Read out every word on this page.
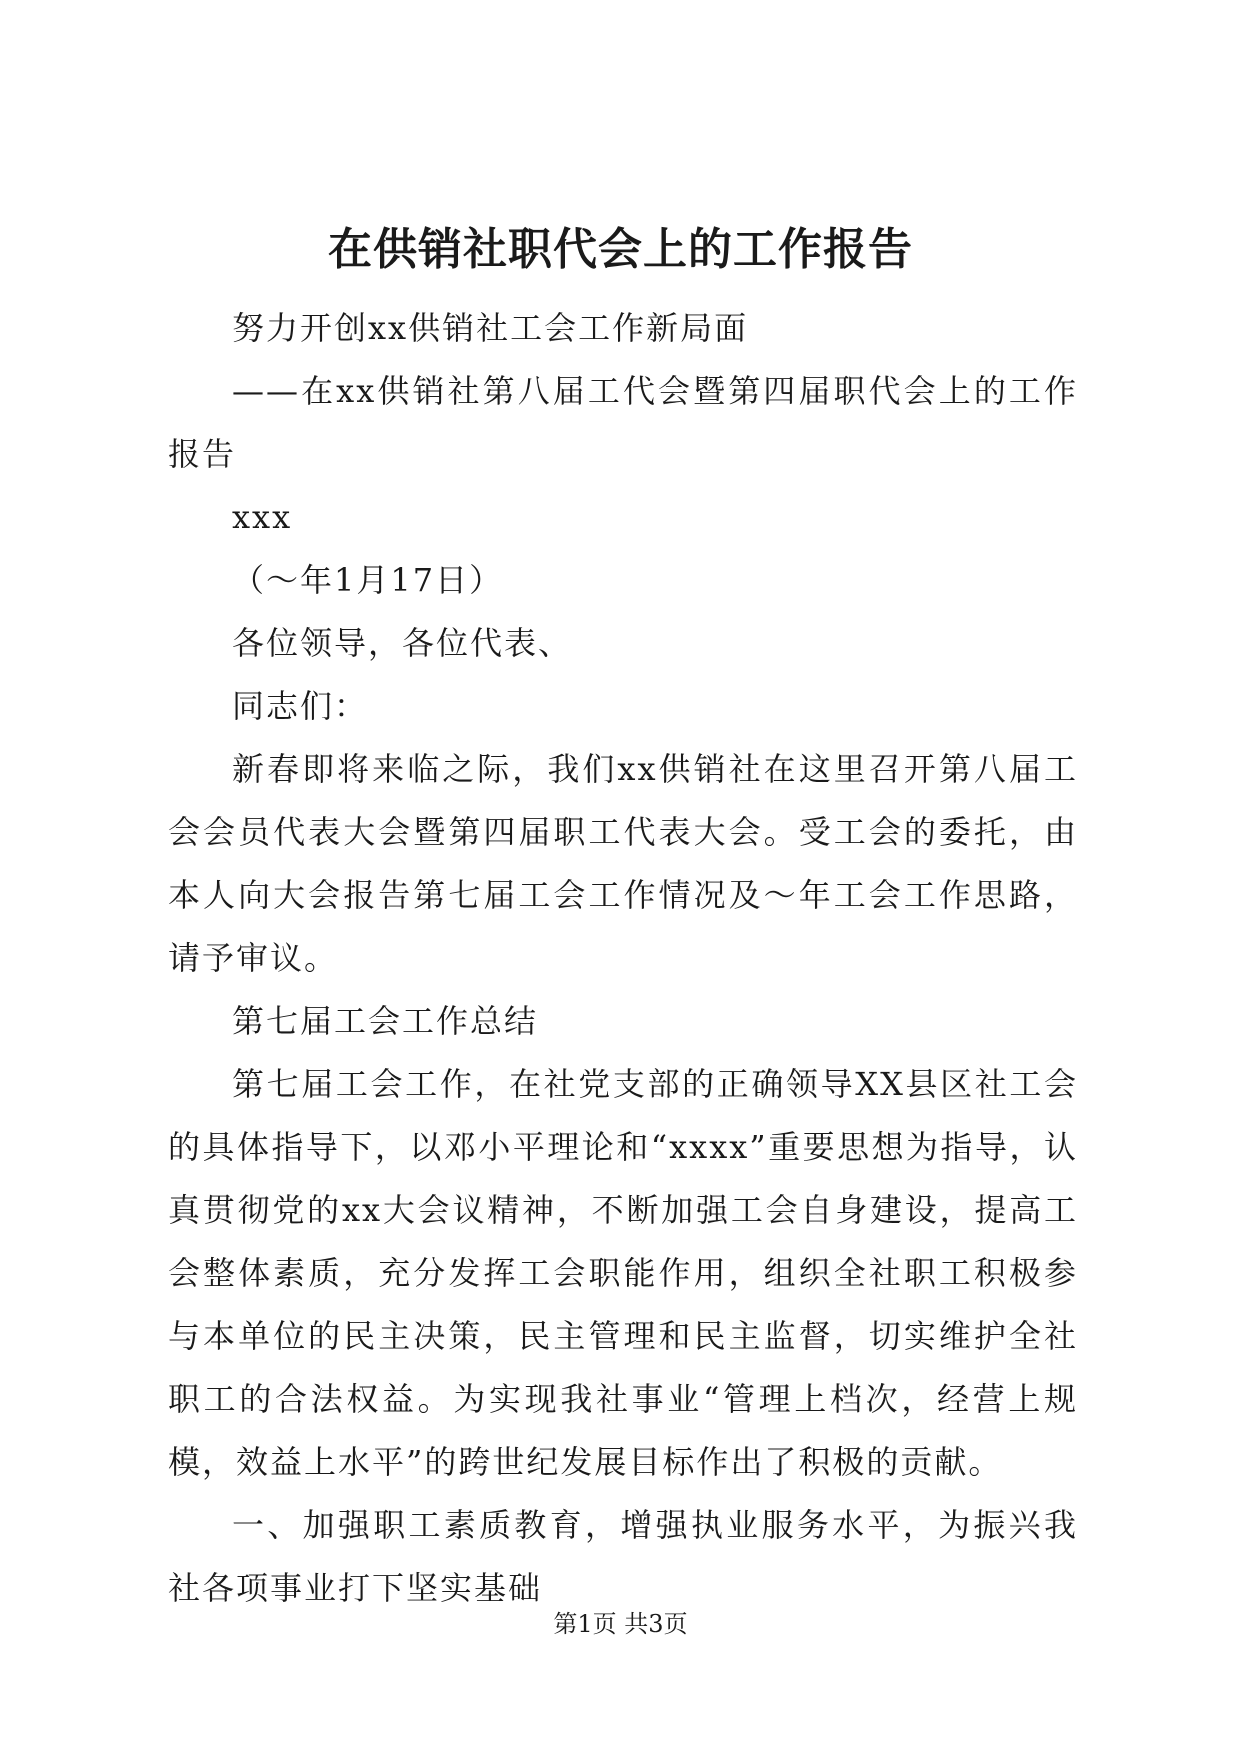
在供销社职代会上的工作报告

努力开创xx供销社工会工作新局面

——在xx供销社第八届工代会暨第四届职代会上的工作报告

xxx

（～年1月17日）

各位领导，各位代表、

同志们：

新春即将来临之际，我们xx供销社在这里召开第八届工会会员代表大会暨第四届职工代表大会。受工会的委托，由本人向大会报告第七届工会工作情况及～年工会工作思路，请予审议。

第七届工会工作总结

第七届工会工作，在社党支部的正确领导XX县区社工会的具体指导下，以邓小平理论和“xxxx”重要思想为指导，认真贯彻党的xx大会议精神，不断加强工会自身建设，提高工会整体素质，充分发挥工会职能作用，组织全社职工积极参与本单位的民主决策，民主管理和民主监督，切实维护全社职工的合法权益。为实现我社事业“管理上档次，经营上规模，效益上水平”的跨世纪发展目标作出了积极的贡献。

一、加强职工素质教育，增强执业服务水平，为振兴我社各项事业打下坚实基础

第1页 共3页
